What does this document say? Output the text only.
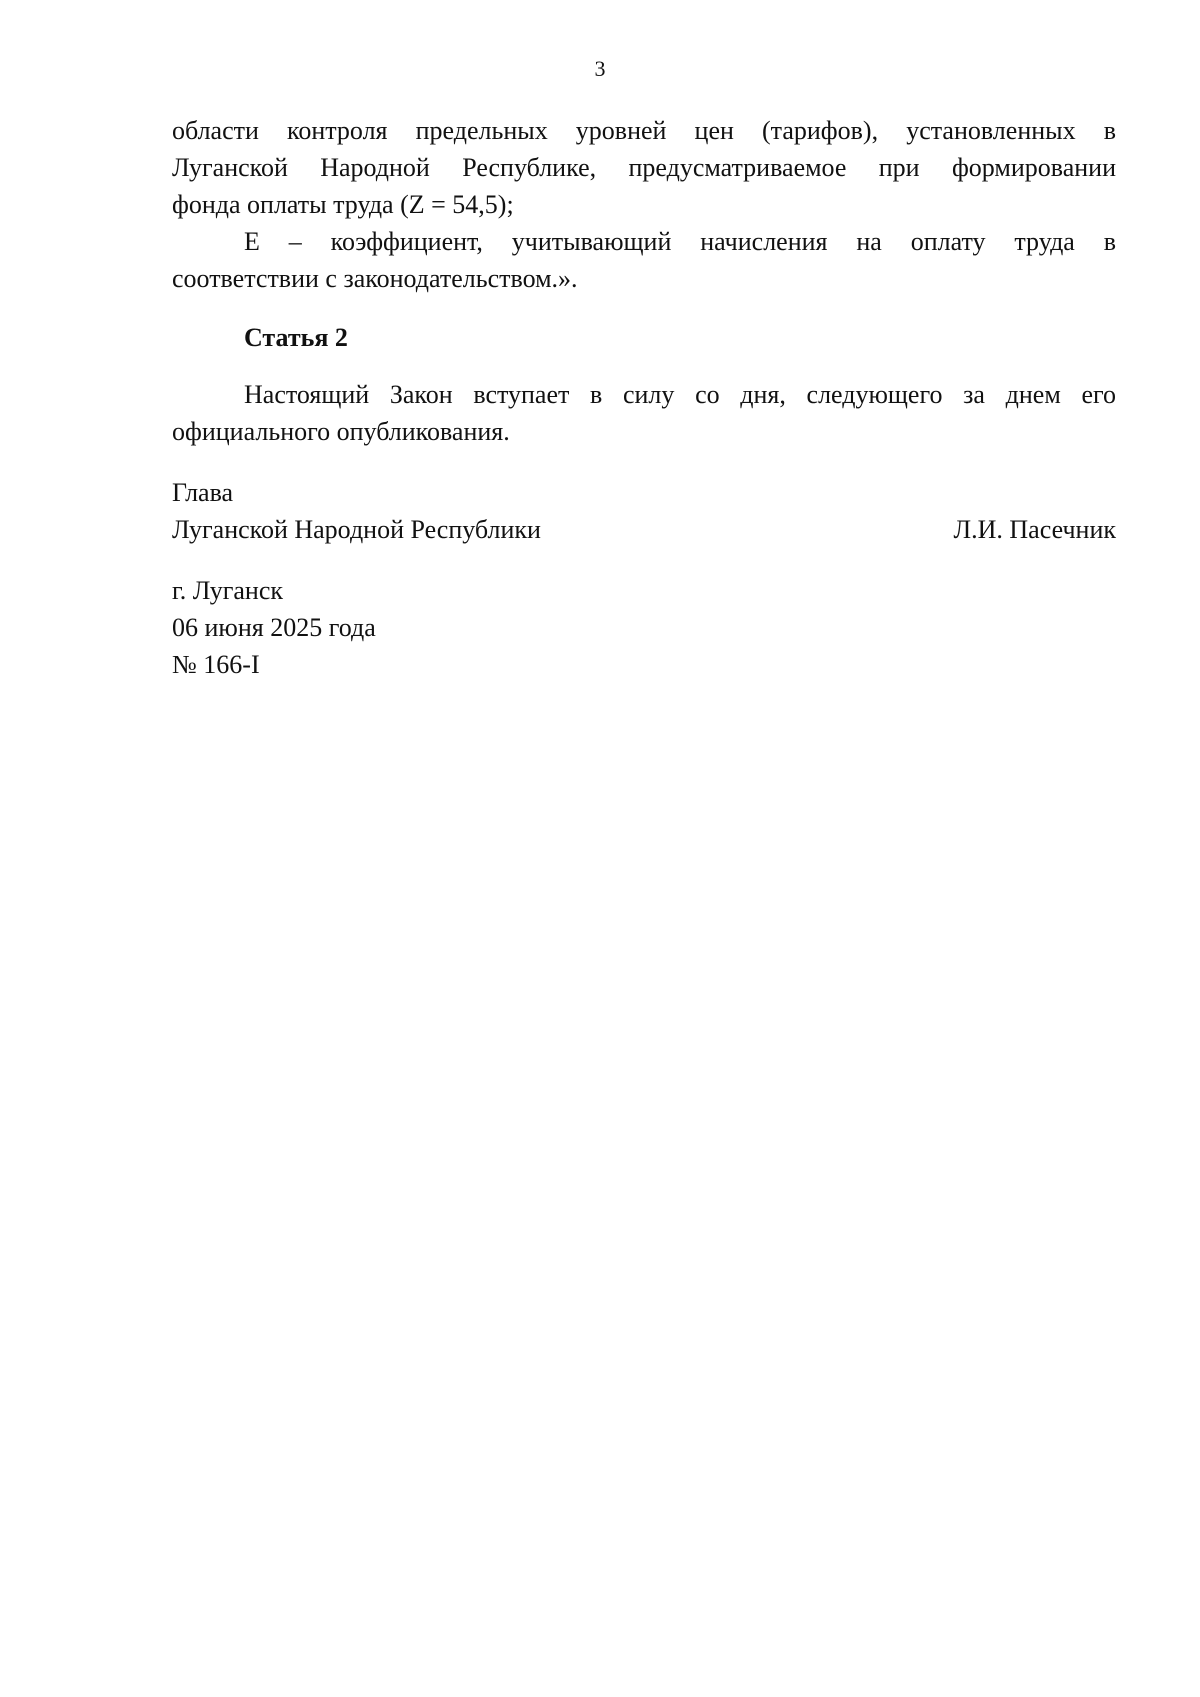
3

области контроля предельных уровней цен (тарифов), установленных в
Луганской Народной Республике, предусматриваемое при формировании
фонда оплаты труда (Z = 54,5);

E – коэффициент, учитывающий начисления на оплату труда в
соответствии с законодательством.».

Статья 2

Настоящий Закон вступает в силу со дня, следующего за днем его
официального опубликования.

Глава
Луганской Народной Республики	Л.И. Пасечник
г. Луганск
06 июня 2025 года
№ 166-I
